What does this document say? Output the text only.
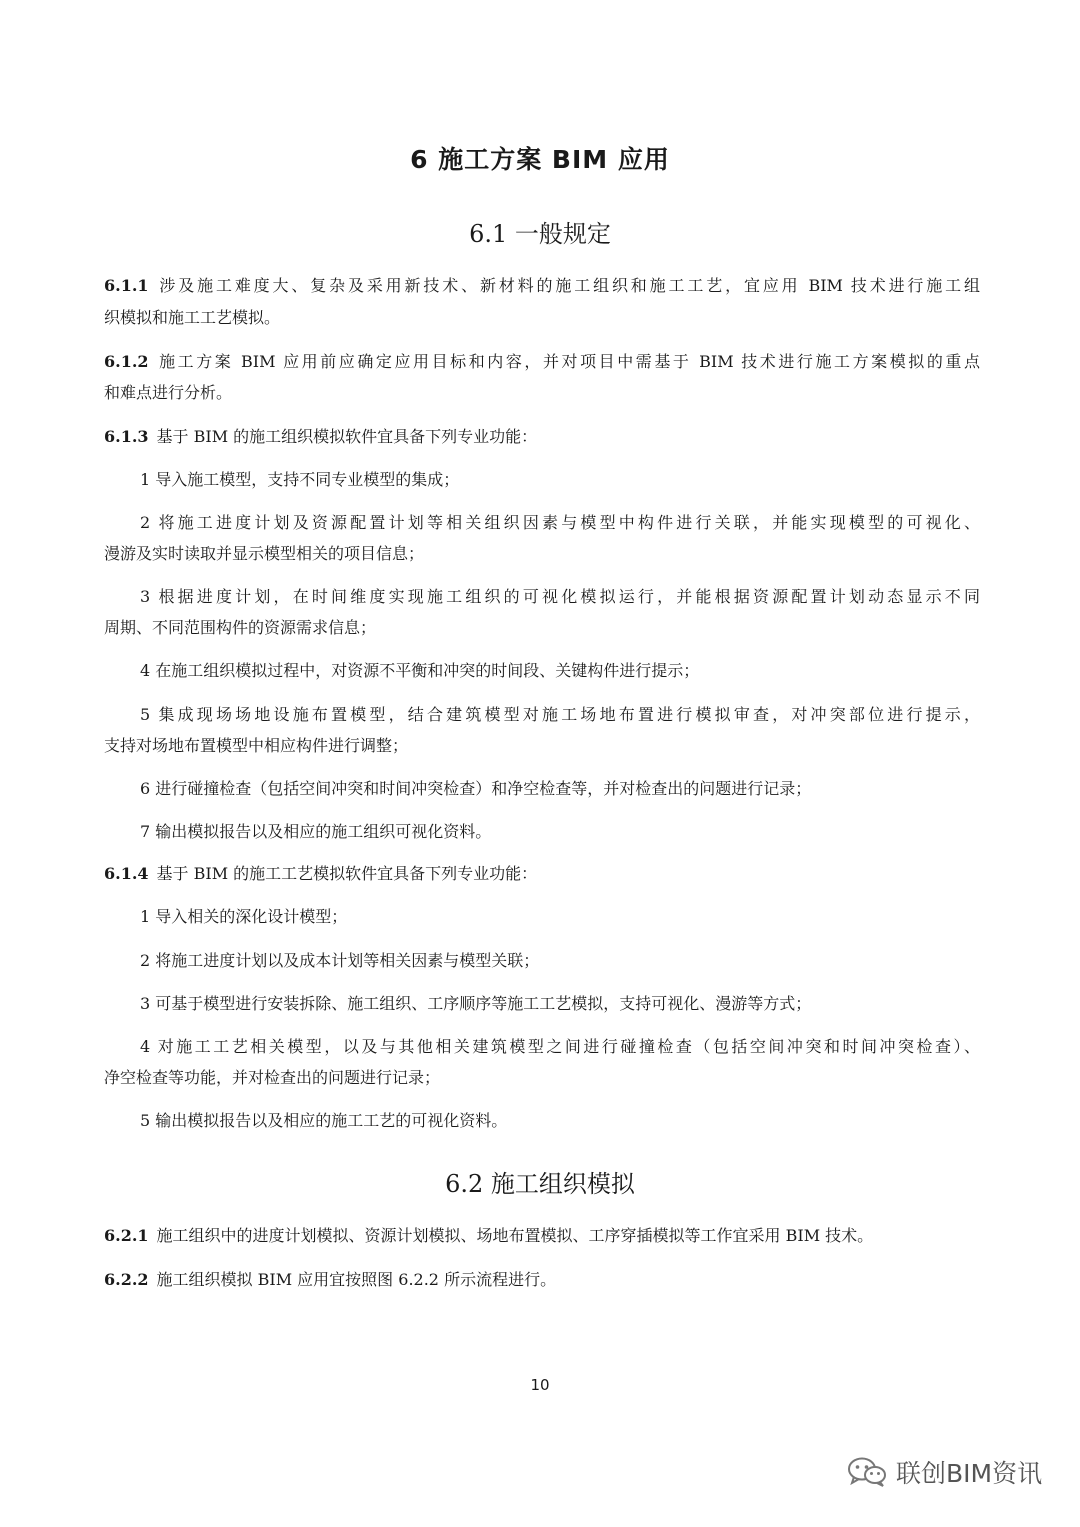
6 施工方案 BIM 应用
6.1 一般规定
6.1.1 涉及施工难度大、复杂及采用新技术、新材料的施工组织和施工工艺，宜应用 BIM 技术进行施工组
织模拟和施工工艺模拟。
6.1.2 施工方案 BIM 应用前应确定应用目标和内容，并对项目中需基于 BIM 技术进行施工方案模拟的重点
和难点进行分析。
6.1.3 基于 BIM 的施工组织模拟软件宜具备下列专业功能：
1 导入施工模型，支持不同专业模型的集成；
2 将施工进度计划及资源配置计划等相关组织因素与模型中构件进行关联，并能实现模型的可视化、
漫游及实时读取并显示模型相关的项目信息；
3 根据进度计划，在时间维度实现施工组织的可视化模拟运行，并能根据资源配置计划动态显示不同
周期、不同范围构件的资源需求信息；
4 在施工组织模拟过程中，对资源不平衡和冲突的时间段、关键构件进行提示；
5 集成现场场地设施布置模型，结合建筑模型对施工场地布置进行模拟审查，对冲突部位进行提示，
支持对场地布置模型中相应构件进行调整；
6 进行碰撞检查（包括空间冲突和时间冲突检查）和净空检查等，并对检查出的问题进行记录；
7 输出模拟报告以及相应的施工组织可视化资料。
6.1.4 基于 BIM 的施工工艺模拟软件宜具备下列专业功能：
1 导入相关的深化设计模型；
2 将施工进度计划以及成本计划等相关因素与模型关联；
3 可基于模型进行安装拆除、施工组织、工序顺序等施工工艺模拟，支持可视化、漫游等方式；
4 对施工工艺相关模型，以及与其他相关建筑模型之间进行碰撞检查（包括空间冲突和时间冲突检查）、
净空检查等功能，并对检查出的问题进行记录；
5 输出模拟报告以及相应的施工工艺的可视化资料。
6.2 施工组织模拟
6.2.1 施工组织中的进度计划模拟、资源计划模拟、场地布置模拟、工序穿插模拟等工作宜采用 BIM 技术。
6.2.2 施工组织模拟 BIM 应用宜按照图 6.2.2 所示流程进行。
10
联创BIM资讯
